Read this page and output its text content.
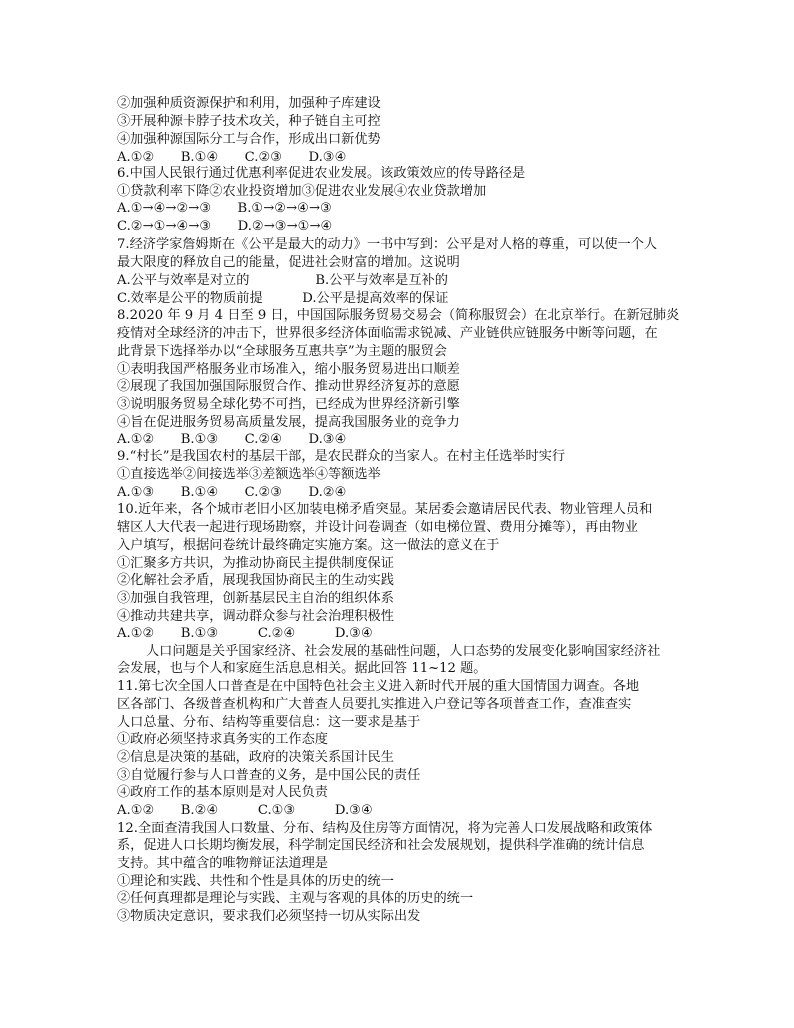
②加强种质资源保护和利用，加强种子库建设
③开展种源卡脖子技术攻关，种子链自主可控
④加强种源国际分工与合作，形成出口新优势
A.①②　　B.①④　　C.②③　　D.③④
6.中国人民银行通过优惠利率促进农业发展。该政策效应的传导路径是
①贷款利率下降②农业投资增加③促进农业发展④农业贷款增加
A.①→④→②→③　　B.①→②→④→③
C.②→①→④→③　　D.②→③→①→④
7.经济学家詹姆斯在《公平是最大的动力》一书中写到：公平是对人格的尊重，可以使一个人
最大限度的释放自己的能量，促进社会财富的增加。这说明
A.公平与效率是对立的　　　　　B.公平与效率是互补的
C.效率是公平的物质前提　　　D.公平是提高效率的保证
8.2020 年 9 月 4 日至 9 日，中国国际服务贸易交易会（简称服贸会）在北京举行。在新冠肺炎
疫情对全球经济的冲击下，世界很多经济体面临需求锐减、产业链供应链服务中断等问题，在
此背景下选择举办以“全球服务互惠共享”为主题的服贸会
①表明我国严格服务业市场准入，缩小服务贸易进出口顺差
②展现了我国加强国际服贸合作、推动世界经济复苏的意愿
③说明服务贸易全球化势不可挡，已经成为世界经济新引擎
④旨在促进服务贸易高质量发展，提高我国服务业的竞争力
A.①②　　B.①③　　C.②④　　D.③④
9.“村长”是我国农村的基层干部，是农民群众的当家人。在村主任选举时实行
①直接选举②间接选举③差额选举④等额选举
A.①③　　B.①④　　C.②③　　D.②④
10.近年来，各个城市老旧小区加装电梯矛盾突显。某居委会邀请居民代表、物业管理人员和
辖区人大代表一起进行现场勘察，并设计问卷调查（如电梯位置、费用分摊等），再由物业
入户填写，根据问卷统计最终确定实施方案。这一做法的意义在于
①汇聚多方共识，为推动协商民主提供制度保证
②化解社会矛盾，展现我国协商民主的生动实践
③加强自我管理，创新基层民主自治的组织体系
④推动共建共享，调动群众参与社会治理积极性
A.①②　　B.①③　　　C.②④　　　D.③④
人口问题是关乎国家经济、社会发展的基础性问题，人口态势的发展变化影响国家经济社
会发展，也与个人和家庭生活息息相关。据此回答 11~12 题。
11.第七次全国人口普查是在中国特色社会主义进入新时代开展的重大国情国力调查。各地
区各部门、各级普查机构和广大普查人员要扎实推进入户登记等各项普查工作，查准查实
人口总量、分布、结构等重要信息：这一要求是基于
①政府必须坚持求真务实的工作态度
②信息是决策的基础，政府的决策关系国计民生
③自觉履行参与人口普查的义务，是中国公民的责任
④政府工作的基本原则是对人民负责
A.①②　　B.②④　　　C.①③　　　D.③④
12.全面查清我国人口数量、分布、结构及住房等方面情况，将为完善人口发展战略和政策体
系，促进人口长期均衡发展，科学制定国民经济和社会发展规划，提供科学准确的统计信息
支持。其中蕴含的唯物辩证法道理是
①理论和实践、共性和个性是具体的历史的统一
②任何真理都是理论与实践、主观与客观的具体的历史的统一
③物质决定意识，要求我们必须坚持一切从实际出发
